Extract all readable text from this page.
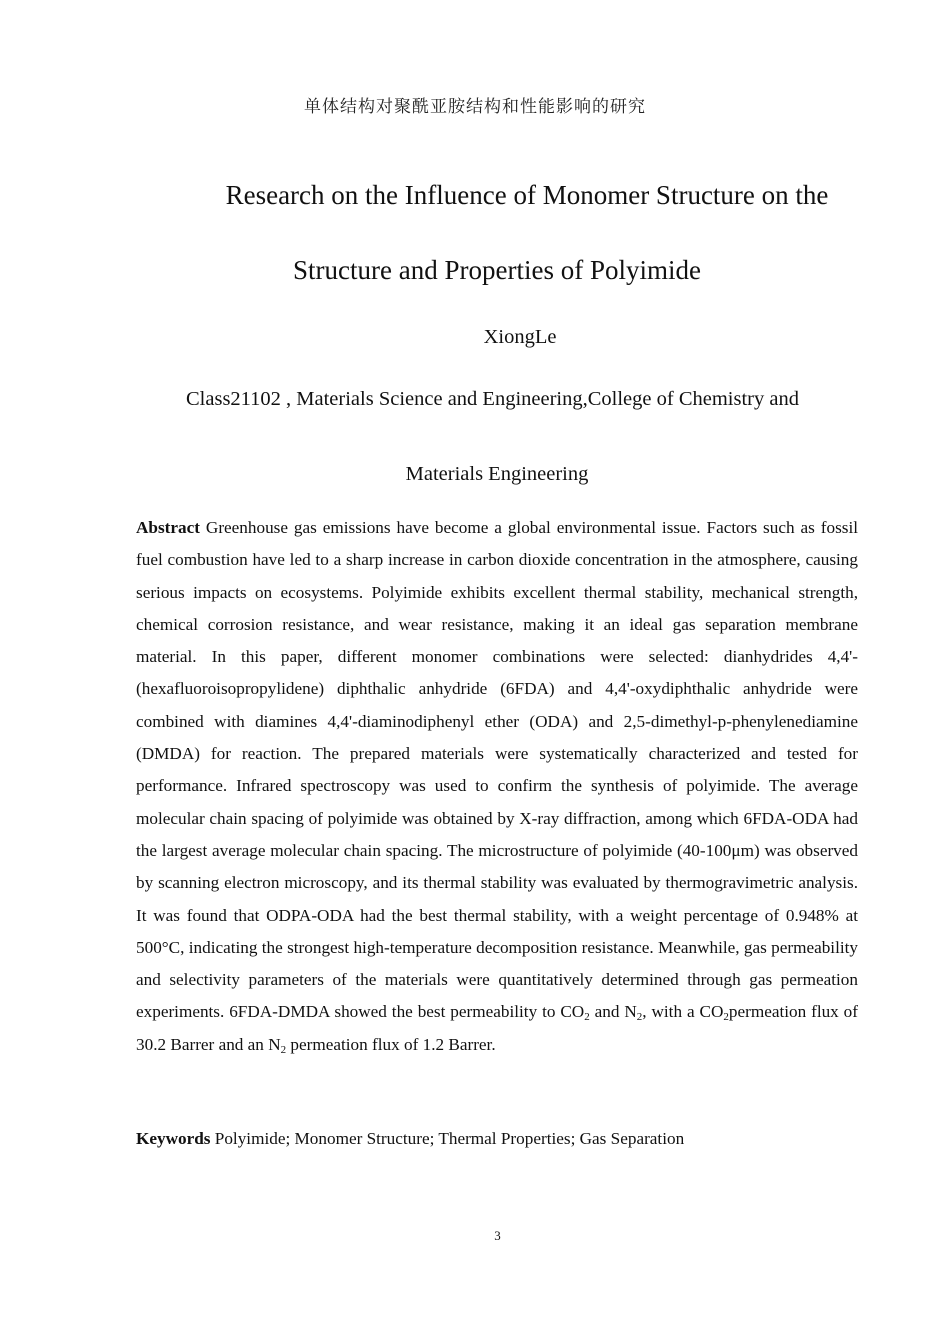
单体结构对聚酰亚胺结构和性能影响的研究
Research on the Influence of Monomer Structure on the
Structure and Properties of Polyimide
XiongLe
Class21102 , Materials Science and Engineering,College of Chemistry and
Materials Engineering

Abstract Greenhouse gas emissions have become a global environmental issue. Factors such as fossil fuel combustion have led to a sharp increase in carbon dioxide concentration in the atmosphere, causing serious impacts on ecosystems. Polyimide exhibits excellent thermal stability, mechanical strength, chemical corrosion resistance, and wear resistance, making it an ideal gas separation membrane material. In this paper, different monomer combinations were selected: dianhydrides 4,4'-(hexafluoroisopropylidene) diphthalic anhydride (6FDA) and 4,4'-oxydiphthalic anhydride were combined with diamines 4,4'-diaminodiphenyl ether (ODA) and 2,5-dimethyl-p-phenylenediamine (DMDA) for reaction. The prepared materials were systematically characterized and tested for performance. Infrared spectroscopy was used to confirm the synthesis of polyimide. The average molecular chain spacing of polyimide was obtained by X-ray diffraction, among which 6FDA-ODA had the largest average molecular chain spacing. The microstructure of polyimide (40-100μm) was observed by scanning electron microscopy, and its thermal stability was evaluated by thermogravimetric analysis. It was found that ODPA-ODA had the best thermal stability, with a weight percentage of 0.948% at 500°C, indicating the strongest high-temperature decomposition resistance. Meanwhile, gas permeability and selectivity parameters of the materials were quantitatively determined through gas permeation experiments. 6FDA-DMDA showed the best permeability to $CO_2$ and $N_2$, with a $CO_2permeation$ flux of 30.2 Barrer and an $N_2$ permeation flux of 1.2 Barrer.

Keywords Polyimide; Monomer Structure; Thermal Properties; Gas Separation

3
